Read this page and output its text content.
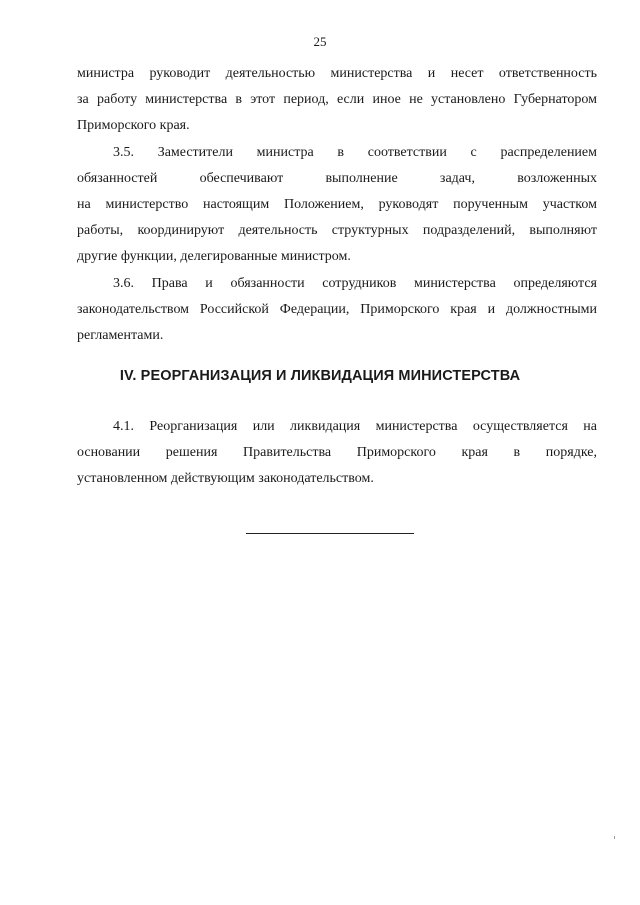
25
министра руководит деятельностью министерства и несет ответственность
за работу министерства в этот период, если иное не установлено Губернатором
Приморского края.
3.5. Заместители министра в соответствии с распределением
обязанностей обеспечивают выполнение задач, возложенных
на министерство настоящим Положением, руководят порученным участком
работы, координируют деятельность структурных подразделений, выполняют
другие функции, делегированные министром.
3.6. Права и обязанности сотрудников министерства определяются
законодательством Российской Федерации, Приморского края и должностными
регламентами.
IV. РЕОРГАНИЗАЦИЯ И ЛИКВИДАЦИЯ МИНИСТЕРСТВА
4.1. Реорганизация или ликвидация министерства осуществляется на
основании решения Правительства Приморского края в порядке,
установленном действующим законодательством.
